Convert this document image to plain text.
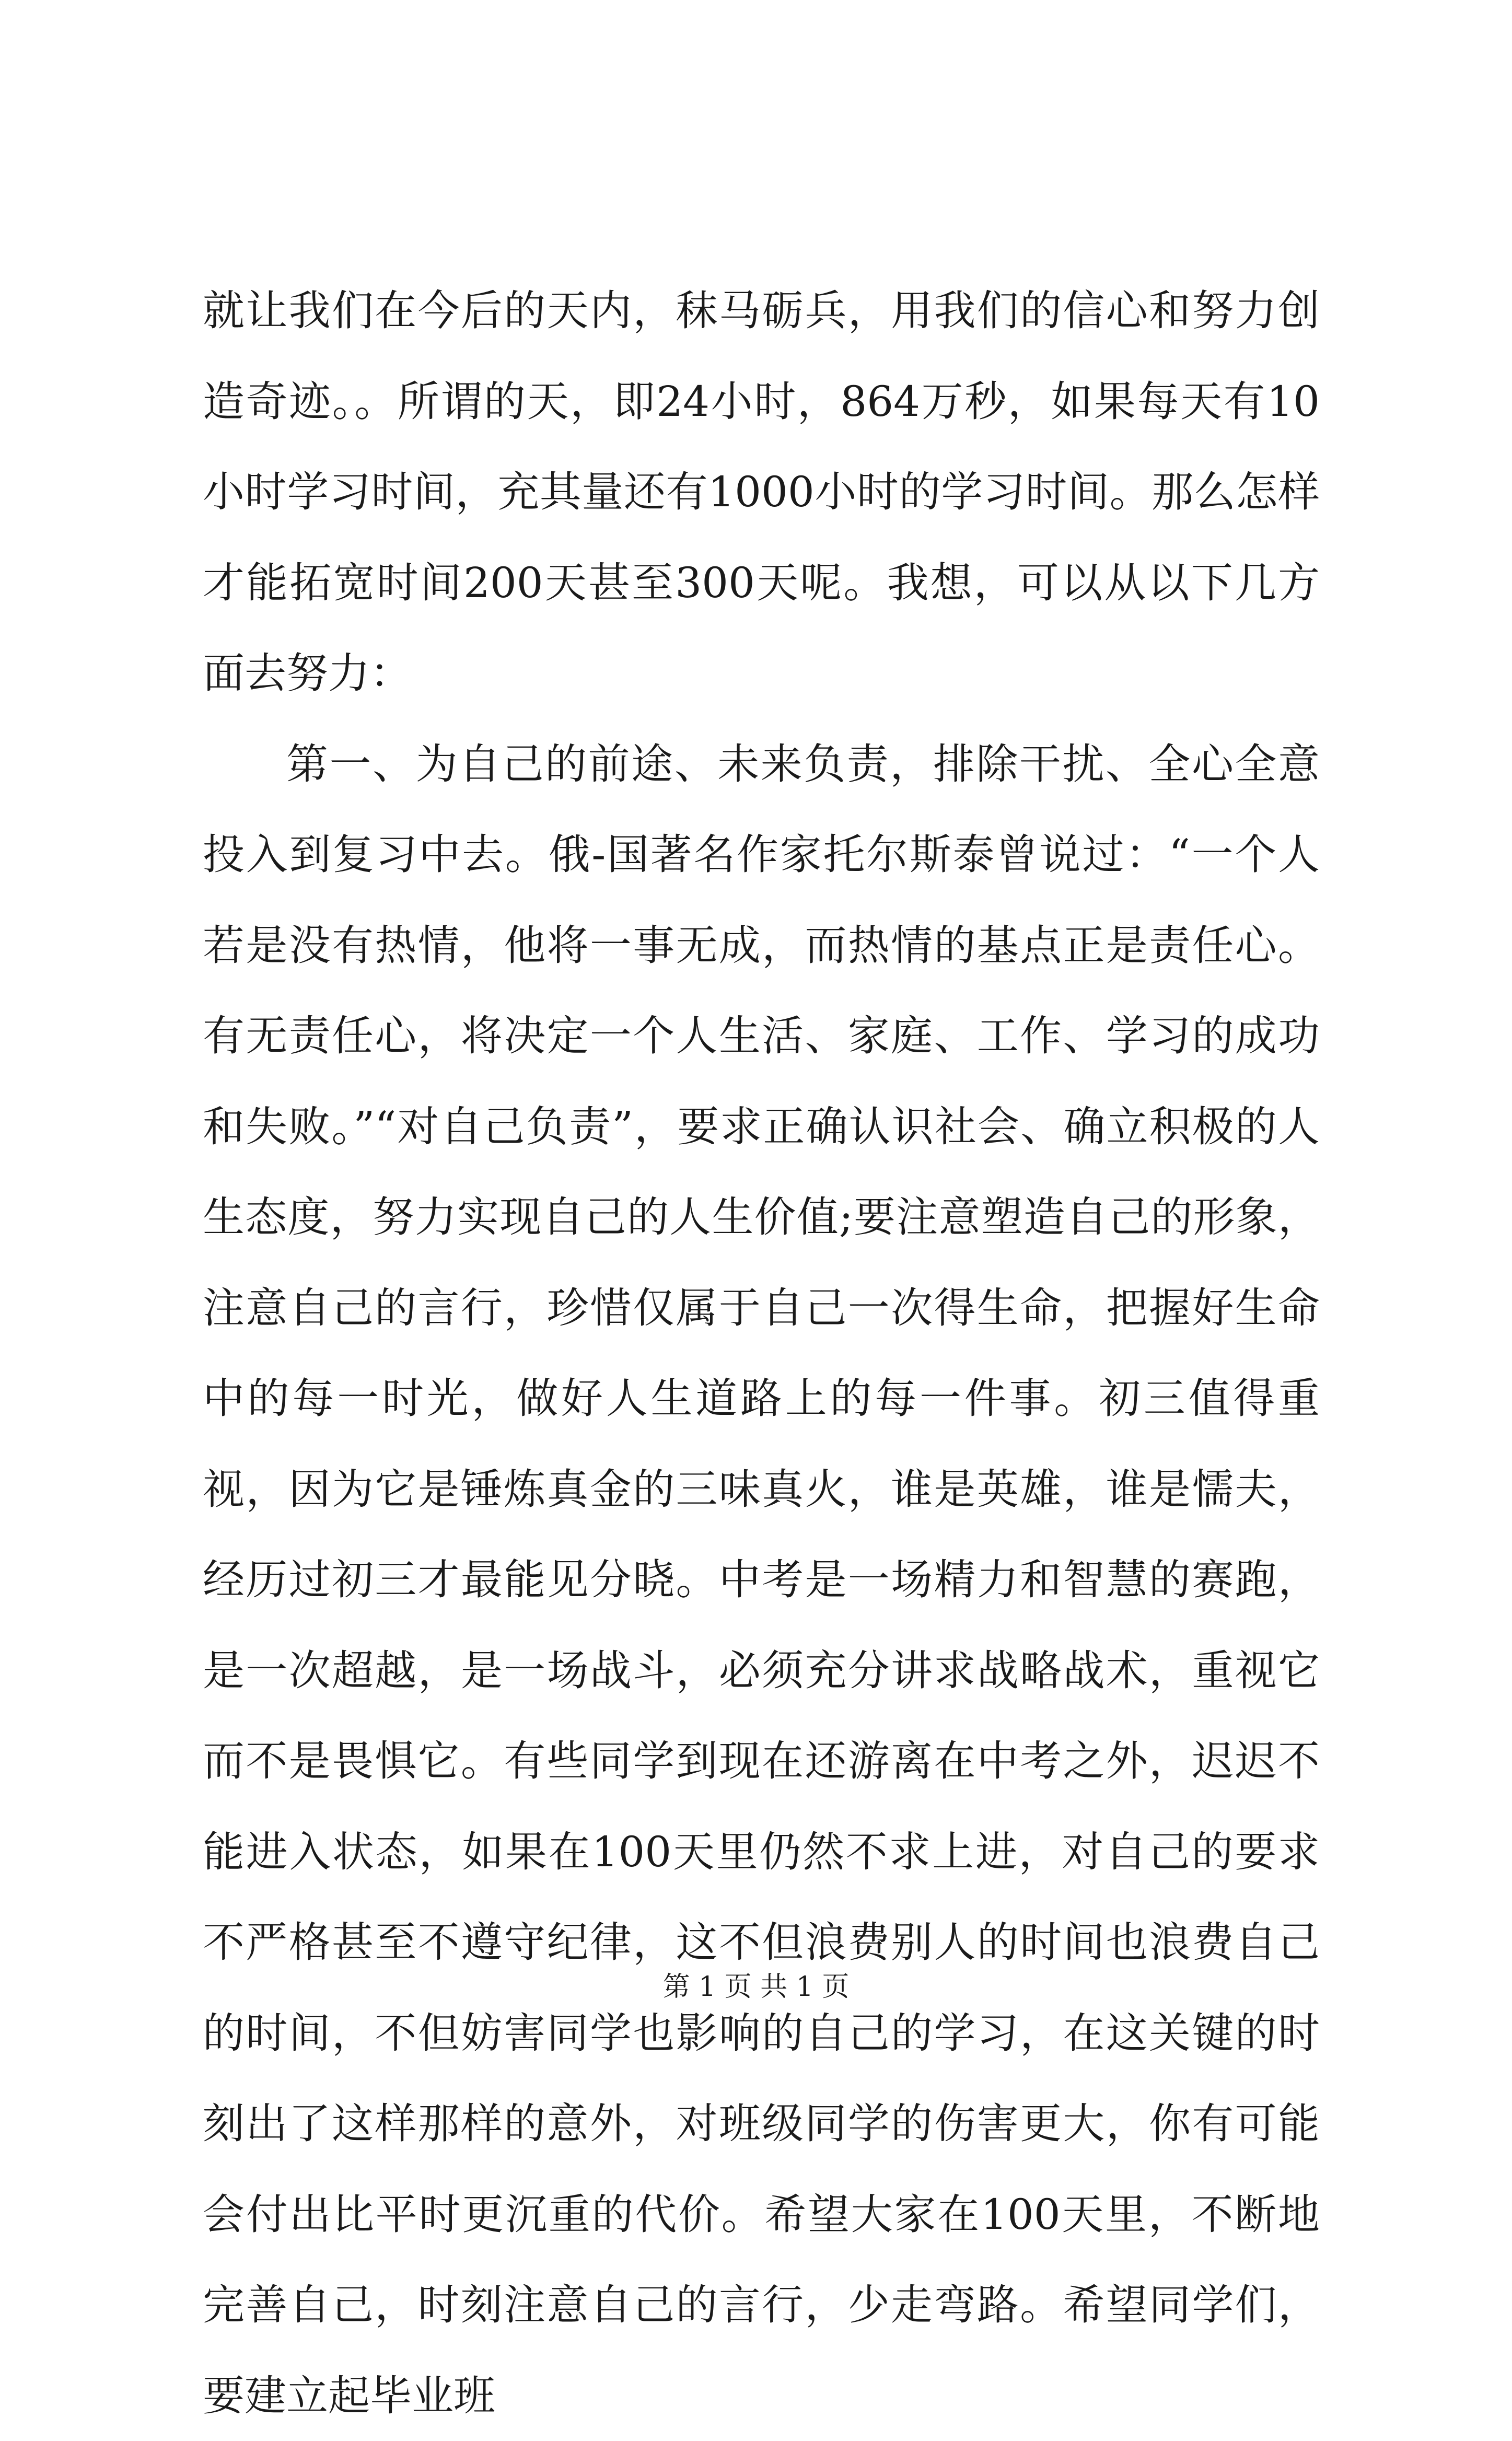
就让我们在今后的天内，秣马砺兵，用我们的信心和努力创造奇迹。。所谓的天，即24小时，864万秒，如果每天有10小时学习时间，充其量还有1000小时的学习时间。那么怎样才能拓宽时间200天甚至300天呢。我想，可以从以下几方面去努力：

第一、为自己的前途、未来负责，排除干扰、全心全意投入到复习中去。俄-国著名作家托尔斯泰曾说过：“一个人若是没有热情，他将一事无成，而热情的基点正是责任心。有无责任心，将决定一个人生活、家庭、工作、学习的成功和失败。”“对自己负责”，要求正确认识社会、确立积极的人生态度，努力实现自己的人生价值;要注意塑造自己的形象，注意自己的言行，珍惜仅属于自己一次得生命，把握好生命中的每一时光，做好人生道路上的每一件事。初三值得重视，因为它是锤炼真金的三味真火，谁是英雄，谁是懦夫，经历过初三才最能见分晓。中考是一场精力和智慧的赛跑，是一次超越，是一场战斗，必须充分讲求战略战术，重视它而不是畏惧它。有些同学到现在还游离在中考之外，迟迟不能进入状态，如果在100天里仍然不求上进，对自己的要求不严格甚至不遵守纪律，这不但浪费别人的时间也浪费自己的时间，不但妨害同学也影响的自己的学习，在这关键的时刻出了这样那样的意外，对班级同学的伤害更大，你有可能会付出比平时更沉重的代价。希望大家在100天里，不断地完善自己，时刻注意自己的言行，少走弯路。希望同学们，要建立起毕业班

第 1 页 共 1 页
